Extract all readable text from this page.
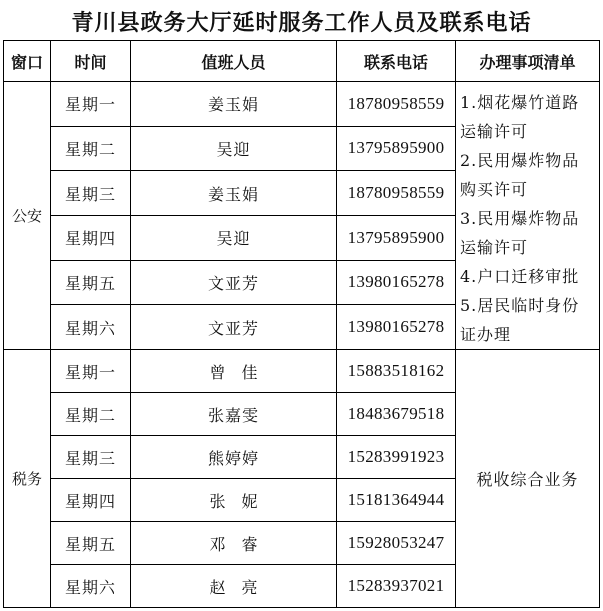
青川县政务大厅延时服务工作人员及联系电话
窗口	时间	值班人员	联系电话	办理事项清单
公安	星期一	姜玉娟	18780958559	1.烟花爆竹道路运输许可
2.民用爆炸物品购买许可
3.民用爆炸物品运输许可
4.户口迁移审批
5.居民临时身份证办理

	星期二	吴迎	13795895900	
	星期三	姜玉娟	18780958559	
	星期四	吴迎	13795895900	
	星期五	文亚芳	13980165278	
	星期六	文亚芳	13980165278	
税务	星期一	曾佳	15883518162	税收综合业务
	星期二	张嘉雯	18483679518	
	星期三	熊婷婷	15283991923	
	星期四	张妮	15181364944	
	星期五	邓睿	15928053247	
	星期六	赵亮	15283937021	
